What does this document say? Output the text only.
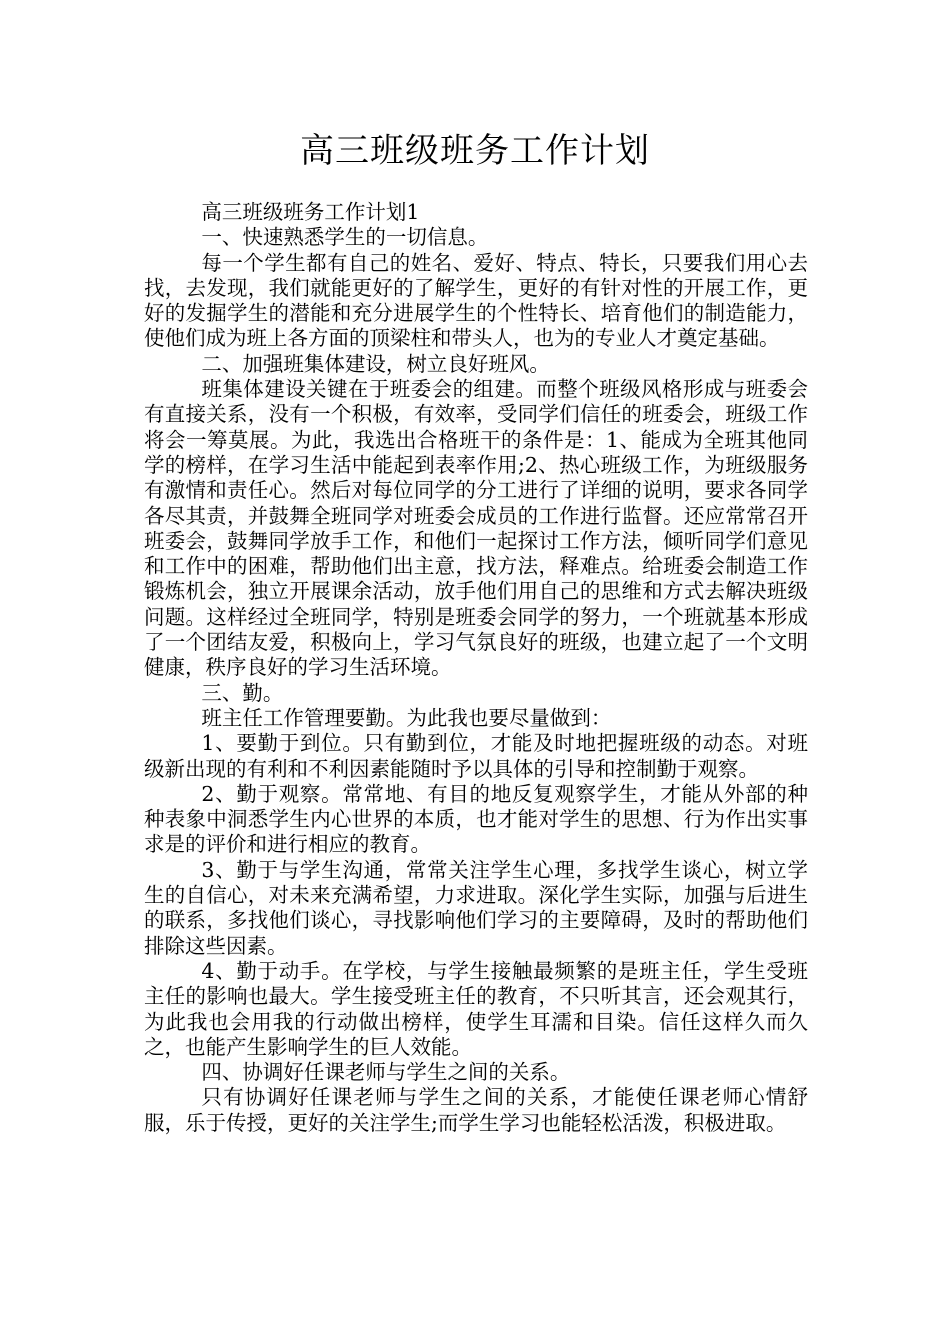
高三班级班务工作计划

高三班级班务工作计划1

一、快速熟悉学生的一切信息。

每一个学生都有自己的姓名、爱好、特点、特长，只要我们用心去找，去发现，我们就能更好的了解学生，更好的有针对性的开展工作，更好的发掘学生的潜能和充分进展学生的个性特长、培育他们的制造能力，使他们成为班上各方面的顶梁柱和带头人，也为的专业人才奠定基础。

二、加强班集体建设，树立良好班风。

班集体建设关键在于班委会的组建。而整个班级风格形成与班委会有直接关系，没有一个积极，有效率，受同学们信任的班委会，班级工作将会一筹莫展。为此，我选出合格班干的条件是：1、能成为全班其他同学的榜样，在学习生活中能起到表率作用;2、热心班级工作，为班级服务有激情和责任心。然后对每位同学的分工进行了详细的说明，要求各同学各尽其责，并鼓舞全班同学对班委会成员的工作进行监督。还应常常召开班委会，鼓舞同学放手工作，和他们一起探讨工作方法，倾听同学们意见和工作中的困难，帮助他们出主意，找方法，释难点。给班委会制造工作锻炼机会，独立开展课余活动，放手他们用自己的思维和方式去解决班级问题。这样经过全班同学，特别是班委会同学的努力，一个班就基本形成了一个团结友爱，积极向上，学习气氛良好的班级，也建立起了一个文明健康，秩序良好的学习生活环境。

三、勤。

班主任工作管理要勤。为此我也要尽量做到：

1、要勤于到位。只有勤到位，才能及时地把握班级的动态。对班级新出现的有利和不利因素能随时予以具体的引导和控制勤于观察。

2、勤于观察。常常地、有目的地反复观察学生，才能从外部的种种表象中洞悉学生内心世界的本质，也才能对学生的思想、行为作出实事求是的评价和进行相应的教育。

3、勤于与学生沟通，常常关注学生心理，多找学生谈心，树立学生的自信心，对未来充满希望，力求进取。深化学生实际，加强与后进生的联系，多找他们谈心，寻找影响他们学习的主要障碍，及时的帮助他们排除这些因素。

4、勤于动手。在学校，与学生接触最频繁的是班主任，学生受班主任的影响也最大。学生接受班主任的教育，不只听其言，还会观其行，为此我也会用我的行动做出榜样，使学生耳濡和目染。信任这样久而久之，也能产生影响学生的巨人效能。

四、协调好任课老师与学生之间的关系。

只有协调好任课老师与学生之间的关系，才能使任课老师心情舒服，乐于传授，更好的关注学生;而学生学习也能轻松活泼，积极进取。
